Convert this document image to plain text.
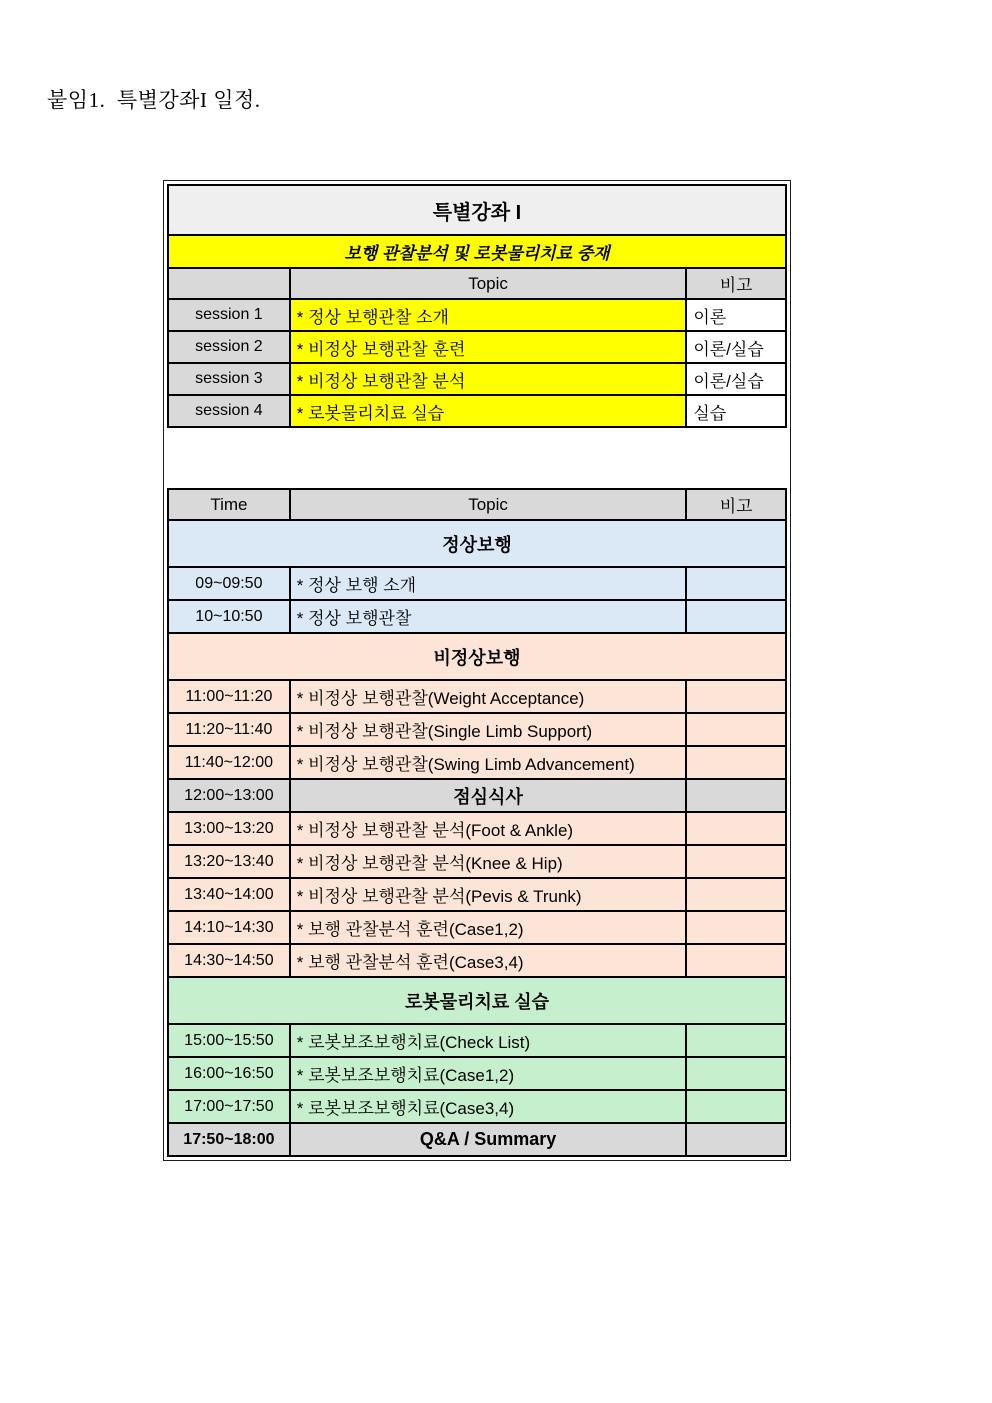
붙임1.  특별강좌I 일정.
특별강좌 I		
보행 관찰분석 및 로봇물리치료 중재		
	Topic	비고
session 1	* 정상 보행관찰 소개	이론
session 2	* 비정상 보행관찰 훈련	이론/실습
session 3	* 비정상 보행관찰 분석	이론/실습
session 4	* 로봇물리치료 실습	실습
Time	Topic	비고
정상보행		
09~09:50	* 정상 보행 소개	
10~10:50	* 정상 보행관찰	
비정상보행		
11:00~11:20	* 비정상 보행관찰(Weight Acceptance)	
11:20~11:40	* 비정상 보행관찰(Single Limb Support)	
11:40~12:00	* 비정상 보행관찰(Swing Limb Advancement)	
12:00~13:00	점심식사	
13:00~13:20	* 비정상 보행관찰 분석(Foot & Ankle)	
13:20~13:40	* 비정상 보행관찰 분석(Knee & Hip)	
13:40~14:00	* 비정상 보행관찰 분석(Pevis & Trunk)	
14:10~14:30	* 보행 관찰분석 훈련(Case1,2)	
14:30~14:50	* 보행 관찰분석 훈련(Case3,4)	
로봇물리치료 실습		
15:00~15:50	* 로봇보조보행치료(Check List)	
16:00~16:50	* 로봇보조보행치료(Case1,2)	
17:00~17:50	* 로봇보조보행치료(Case3,4)	
17:50~18:00	Q&A / Summary	
